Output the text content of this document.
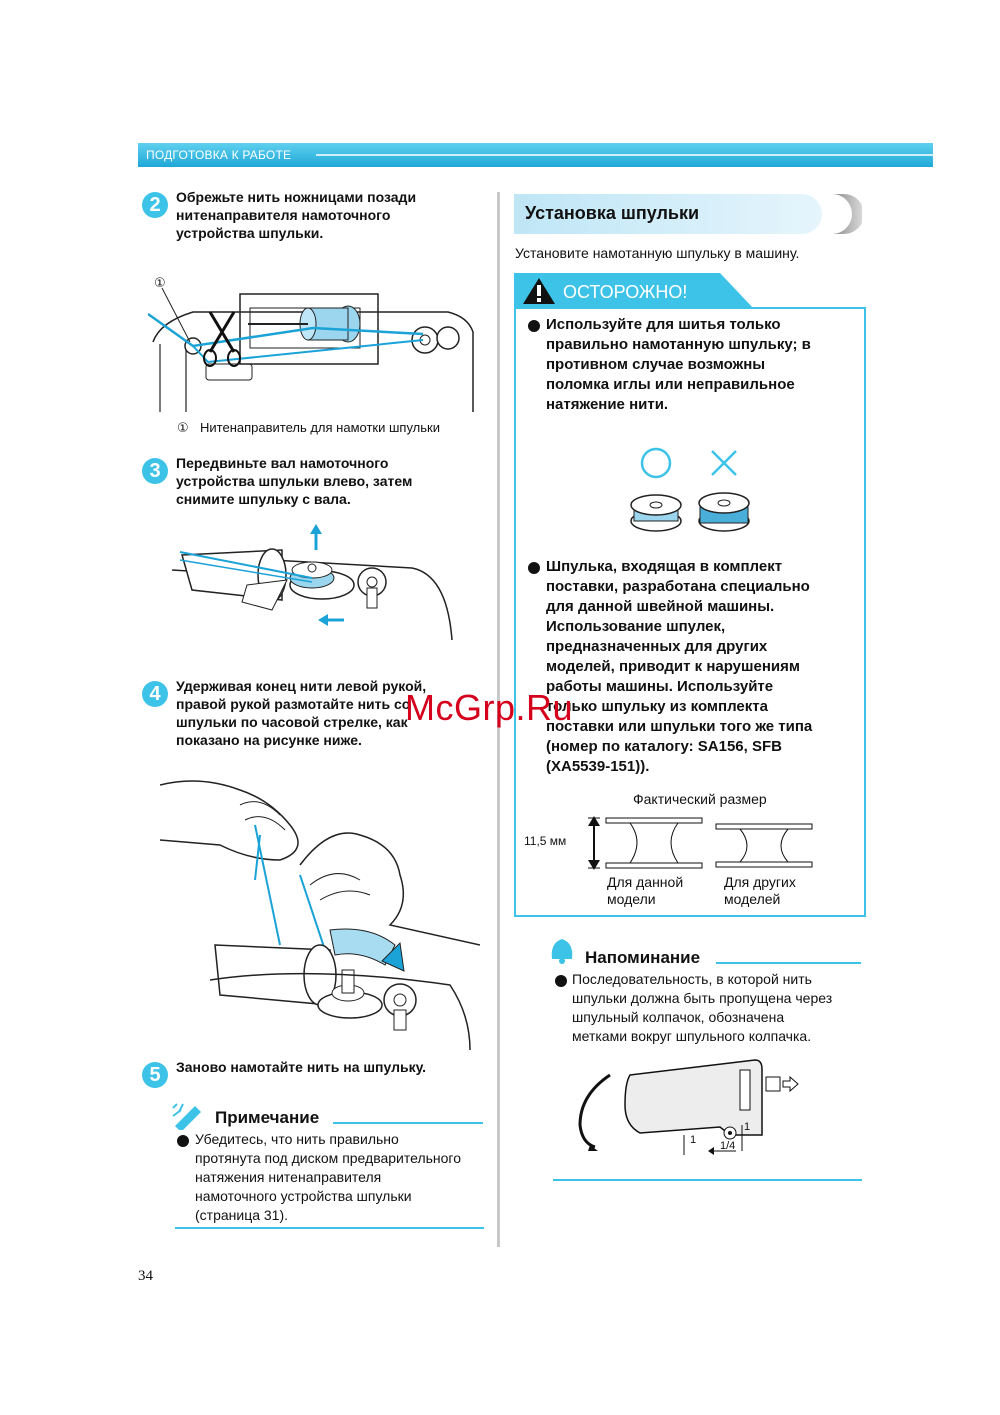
ПОДГОТОВКА К РАБОТЕ
2	Обрежьте нить ножницами позади
нитенаправителя намоточного
устройства шпульки.
①
① Нитенаправитель для намотки шпульки
3	Передвиньте вал намоточного
устройства шпульки влево, затем
снимите шпульку с вала.
4	Удерживая конец нити левой рукой,
правой рукой размотайте нить со
шпульки по часовой стрелке, как
показано на рисунке ниже.
5	Заново намотайте нить на шпульку.
Примечание
Убедитесь, что нить правильно
протянута под диском предварительного
натяжения нитенаправителя
намоточного устройства шпульки
(страница 31).
Установка шпульки
Установите намотанную шпульку в машину.
ОСТОРОЖНО!
Используйте для шитья только
правильно намотанную шпульку; в
противном случае возможны
поломка иглы или неправильное
натяжение нити.
Шпулька, входящая в комплект
поставки, разработана специально
для данной швейной машины.
Использование шпулек,
предназначенных для других
моделей, приводит к нарушениям
работы машины. Используйте
только шпульку из комплекта
поставки или шпульки того же типа
(номер по каталогу: SA156, SFB
(XA5539-151)).
Фактический размер
11,5 мм
Для данной
модели
Для других
моделей
Напоминание
Последовательность, в которой нить
шпульки должна быть пропущена через
шпульный колпачок, обозначена
метками вокруг шпульного колпачка.
1 1/4
1
34
McGrp.Ru
